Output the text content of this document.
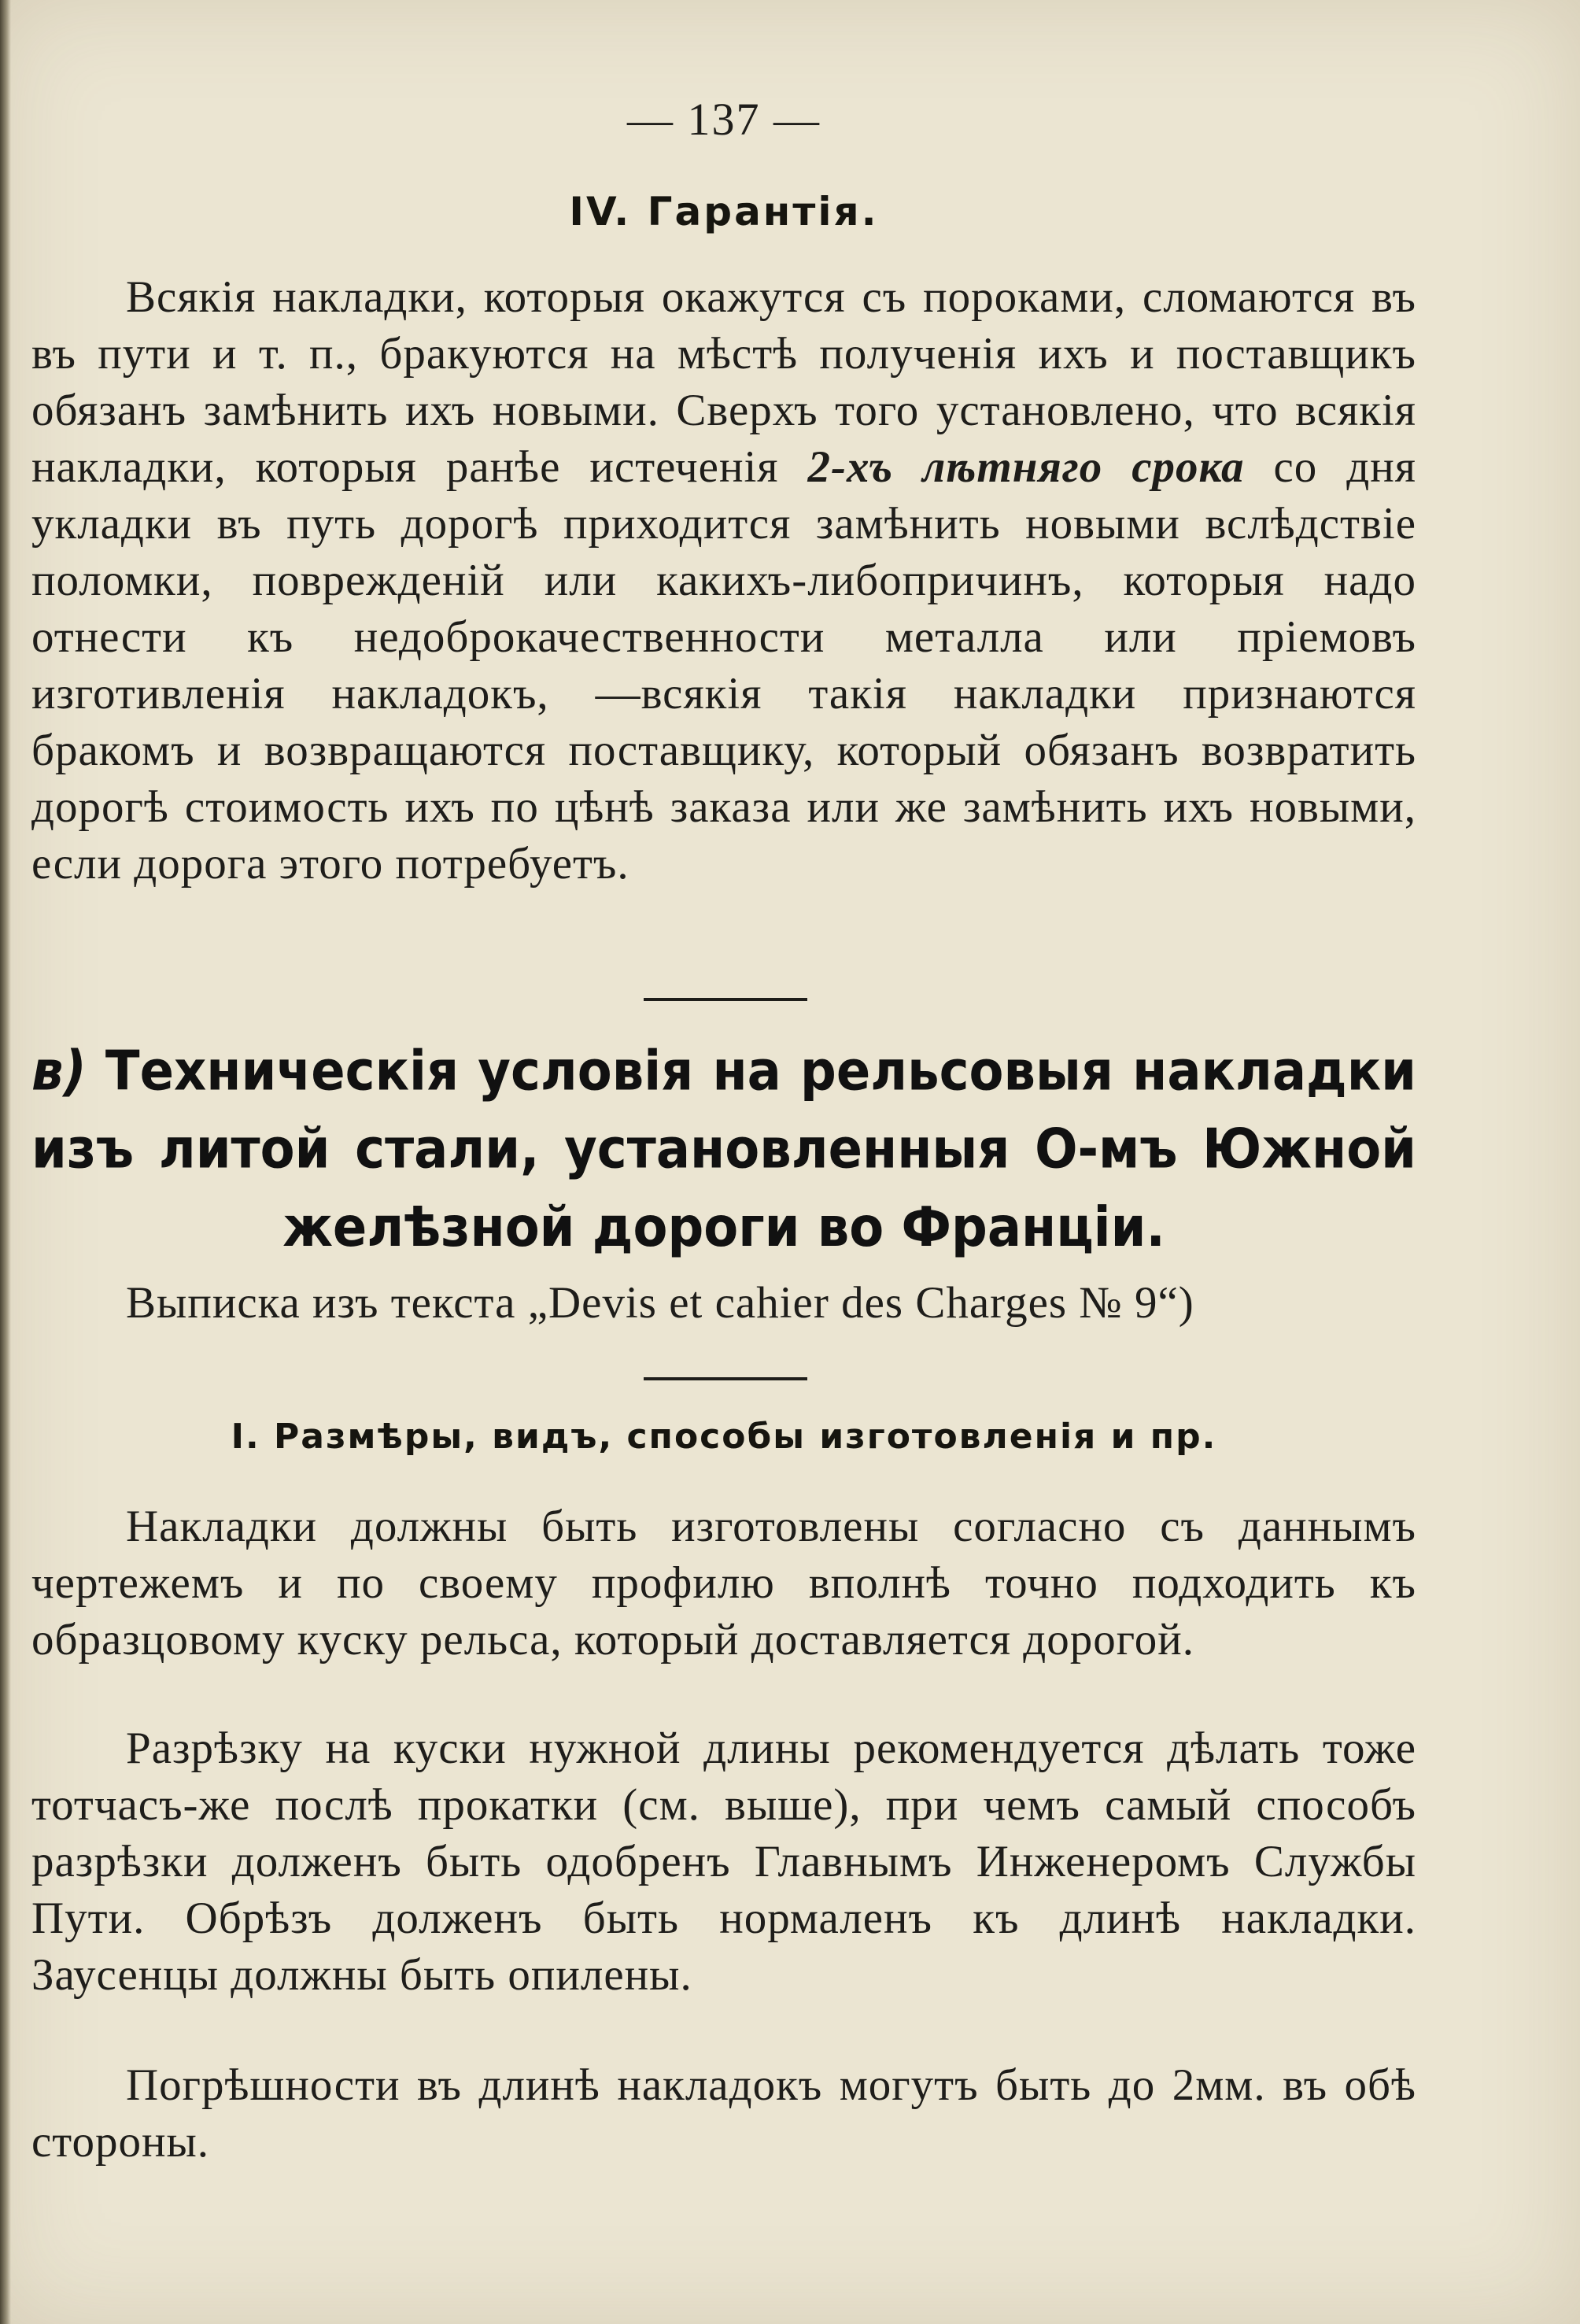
— 137 —
IV. Гарантія.

Всякія накладки, которыя окажутся съ пороками, сломаются въ въ пути и т. п., бракуются на мѣстѣ полученія ихъ и поставщикъ обязанъ замѣнить ихъ новыми. Сверхъ того установлено, что всякія накладки, которыя ранѣе истеченія 2-хъ лѣтняго срока со дня укладки въ путь дорогѣ приходится замѣнить новыми вслѣдствіе поломки, поврежденій или какихъ-либопричинъ, которыя надо отнести къ недоброкачественности металла или пріемовъ изготивленія накладокъ, —всякія такія накладки признаются бракомъ и возвращаются поставщику, который обязанъ возвратить дорогѣ стоимость ихъ по цѣнѣ заказа или же замѣнить ихъ новыми, если дорога этого потребуетъ.

в) Техническія условія на рельсовыя накладки изъ литой стали, установленныя О-мъ Южной желѣзной дороги во Франціи.

Выписка изъ текста „Devis et cahier des Charges № 9“)

I. Размѣры, видъ, способы изготовленія и пр.

Накладки должны быть изготовлены согласно съ даннымъ чертежемъ и по своему профилю вполнѣ точно подходить къ образцовому куску рельса, который доставляется дорогой.

Разрѣзку на куски нужной длины рекомендуется дѣлать тоже тотчасъ-же послѣ прокатки (см. выше), при чемъ самый способъ разрѣзки долженъ быть одобренъ Главнымъ Инженеромъ Службы Пути. Обрѣзъ долженъ быть нормаленъ къ длинѣ накладки. Заусенцы должны быть опилены.

Погрѣшности въ длинѣ накладокъ могутъ быть до 2мм. въ обѣ стороны.
